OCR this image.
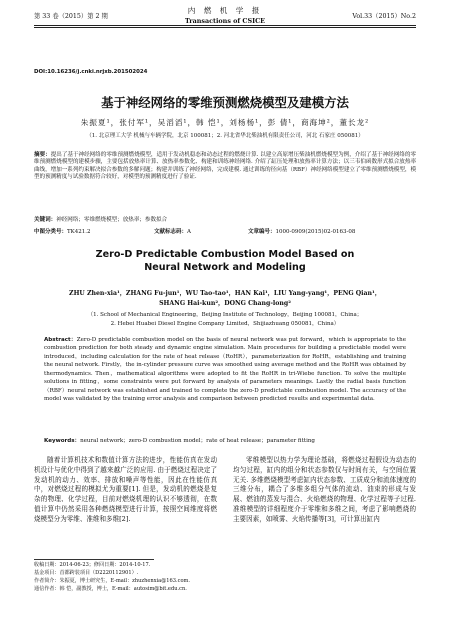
第 33 卷（2015）第 2 期
内 燃 机 学 报
Transactions of CSICE
Vol.33（2015）No.2
DOI:10.16236/j.cnki.nrjxb.201502024
基于神经网络的零维预测燃烧模型及建模方法
朱振夏¹，张付军¹，吴滔滔¹，韩 恺¹，刘杨杨¹，彭 倩¹，商海坤²，董长龙²
（1. 北京理工大学 机械与车辆学院，北京 100081；2. 河北省华北柴油机有限责任公司，河北 石家庄 050081）
摘要：提出了基于神经网络的零维预测燃烧模型，适用于发动机稳态和动态过程的燃烧计算. 以建立高原增压柴油机燃烧模型为例，介绍了基于神经网络的零维预测燃烧模型的建模步骤，主要包括放热率计算、放热率参数化、构建和训练神经网络. 介绍了缸压处理和放热率计算方法；以三韦伯函数形式拟合放热率曲线，增加一系列约束解决拟合参数的多解问题；构建并训练了神经网络，完成建模. 通过训练的径向基（RBF）神经网络模型建立了零维预测燃烧模型，模型的预测精度与试验数据符合较好，对模型的预测精度进行了验证.
关键词：神经网络；零维燃烧模型；放热率；参数拟合
中图分类号：TK421.2	文献标志码：A	文章编号：1000-0909(2015)02-0163-08
Zero-D Predictable Combustion Model Based on
Neural Network and Modeling
ZHU Zhen-xia¹，ZHANG Fu-jun¹，WU Tao-tao¹，HAN Kai¹，LIU Yang-yang¹，PENG Qian¹，
SHANG Hai-kun²，DONG Chang-long²
（1. School of Mechanical Engineering，Beijing Institute of Technology，Beijing 100081，China；
2. Hebei Huabei Diesel Engine Company Limited，Shijiazhuang 050081，China）
Abstract：Zero-D predictable combustion model on the basis of neural network was put forward，which is appropriate to the combustion prediction for both steady and dynamic engine simulation. Main procedures for building a predictable model were introduced，including calculation for the rate of heat release（RoHR），parameterization for RoHR，establishing and training the neural network. Firstly，the in-cylinder pressure curve was smoothed using average method and the RoHR was obtained by thermodynamics. Then，mathematical algorithms were adopted to fit the RoHR in tri-Wiebe function. To solve the multiple solutions in fitting，some constraints were put forward by analysis of parameters meanings. Lastly the radial basis function（RBF）neural network was established and trained to complete the zero-D predictable combustion model. The accuracy of the model was validated by the training error analysis and comparison between predicted results and experimental data.
Keywords：neural network；zero-D combustion model；rate of heat release；parameter fitting
随着计算机技术和数值计算方法的进步，性能仿真在发动机设计与优化中得到了越来越广泛的应用. 由于燃烧过程决定了发动机的动力、效率、排放和噪声等性能，因此在性能仿真中，对燃烧过程的模拟尤为重要[1]. 但是，发动机的燃烧是复杂的物理、化学过程，目前对燃烧机理的认识不够透彻，在数值计算中仍然采用各种燃烧模型进行计算，按照空间维度将燃烧模型分为零维、准维和多维[2].
零维模型以热力学为理论基础，将燃烧过程假设为动态的均匀过程，缸内的组分和状态参数仅与时间有关，与空间位置无关. 多维燃烧模型考虑缸内状态参数、工质成分和流体速度的三维分布，耦合了多维多组分气体的流动、油束的形成与发展、燃油的蒸发与混合、火焰燃烧的物理、化学过程等子过程. 准维模型的详细程度介于零维和多维之间，考虑了影响燃烧的主要因素，如喷雾、火焰传播等[3]，可计算出缸内
收稿日期：2014-06-23；修回日期：2014-10-17.
基金项目：首都跨装项目（D2220112901）.
作者简介：朱振夏，博士研究生，E-mail：zhuzhenxia@163.com.
通信作者：韩 恺，副教授，博士，E-mail：autosim@bit.edu.cn.
